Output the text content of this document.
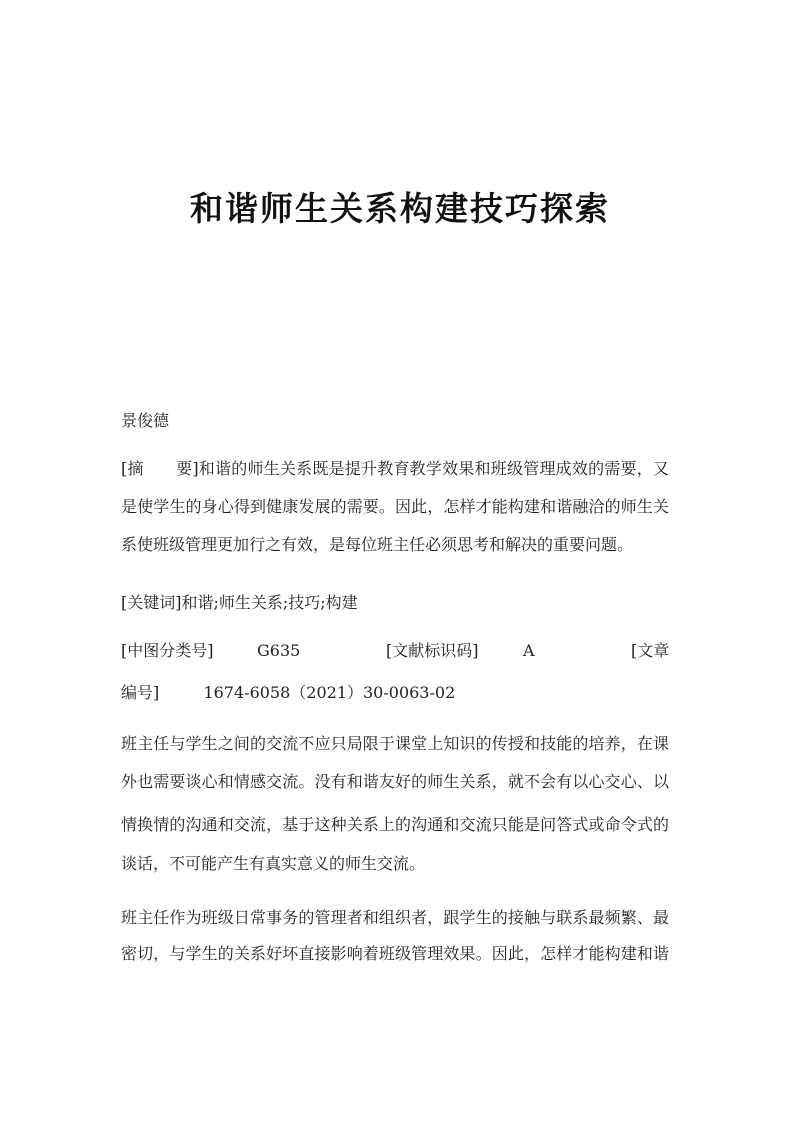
和谐师生关系构建技巧探索
景俊德
[摘　　要]和谐的师生关系既是提升教育教学效果和班级管理成效的需要，又
是使学生的身心得到健康发展的需要。因此，怎样才能构建和谐融洽的师生关
系使班级管理更加行之有效，是每位班主任必须思考和解决的重要问题。
[关键词]和谐;师生关系;技巧;构建
[中图分类号]	G635	[文献标识码]	A	[文章
编号]	1674-6058（2021）30-0063-02
班主任与学生之间的交流不应只局限于课堂上知识的传授和技能的培养，在课
外也需要谈心和情感交流。没有和谐友好的师生关系，就不会有以心交心、以
情换情的沟通和交流，基于这种关系上的沟通和交流只能是问答式或命令式的
谈话，不可能产生有真实意义的师生交流。
班主任作为班级日常事务的管理者和组织者，跟学生的接触与联系最频繁、最
密切，与学生的关系好坏直接影响着班级管理效果。因此，怎样才能构建和谐
